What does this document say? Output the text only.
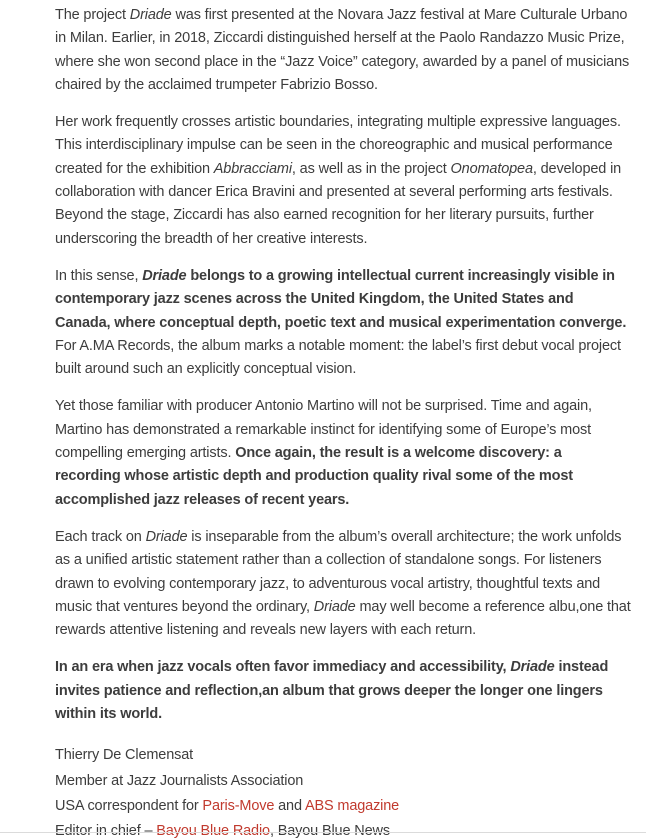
The project Driade was first presented at the Novara Jazz festival at Mare Culturale Urbano in Milan. Earlier, in 2018, Ziccardi distinguished herself at the Paolo Randazzo Music Prize, where she won second place in the “Jazz Voice” category, awarded by a panel of musicians chaired by the acclaimed trumpeter Fabrizio Bosso.

Her work frequently crosses artistic boundaries, integrating multiple expressive languages. This interdisciplinary impulse can be seen in the choreographic and musical performance created for the exhibition Abbracciami, as well as in the project Onomatopea, developed in collaboration with dancer Erica Bravini and presented at several performing arts festivals. Beyond the stage, Ziccardi has also earned recognition for her literary pursuits, further underscoring the breadth of her creative interests.

In this sense, Driade belongs to a growing intellectual current increasingly visible in contemporary jazz scenes across the United Kingdom, the United States and Canada, where conceptual depth, poetic text and musical experimentation converge. For A.MA Records, the album marks a notable moment: the label’s first debut vocal project built around such an explicitly conceptual vision.

Yet those familiar with producer Antonio Martino will not be surprised. Time and again, Martino has demonstrated a remarkable instinct for identifying some of Europe’s most compelling emerging artists. Once again, the result is a welcome discovery: a recording whose artistic depth and production quality rival some of the most accomplished jazz releases of recent years.

Each track on Driade is inseparable from the album’s overall architecture; the work unfolds as a unified artistic statement rather than a collection of standalone songs. For listeners drawn to evolving contemporary jazz, to adventurous vocal artistry, thoughtful texts and music that ventures beyond the ordinary, Driade may well become a reference albu,one that rewards attentive listening and reveals new layers with each return.

In an era when jazz vocals often favor immediacy and accessibility, Driade instead invites patience and reflection,an album that grows deeper the longer one lingers within its world.

Thierry De Clemensat

Member at Jazz Journalists Association

USA correspondent for Paris-Move and ABS magazine

Editor in chief – Bayou Blue Radio, Bayou Blue News
